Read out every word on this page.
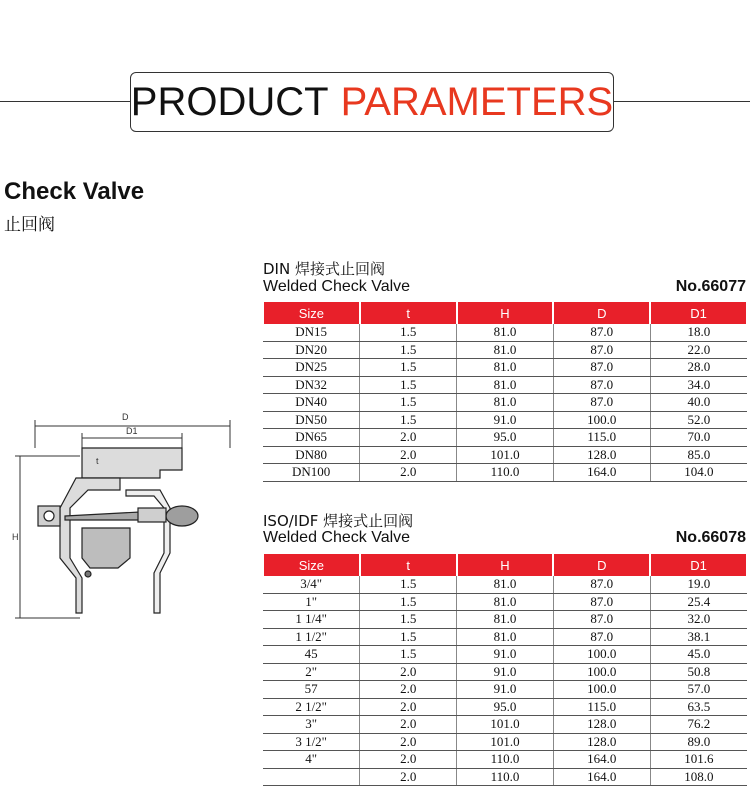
PRODUCT PARAMETERS
Check Valve
止回阀
D
D1
t
H
DIN 焊接式止回阀
Welded Check Valve	No.66077
Size	t	H	D	D1
DN15	1.5	81.0	87.0	18.0
DN20	1.5	81.0	87.0	22.0
DN25	1.5	81.0	87.0	28.0
DN32	1.5	81.0	87.0	34.0
DN40	1.5	81.0	87.0	40.0
DN50	1.5	91.0	100.0	52.0
DN65	2.0	95.0	115.0	70.0
DN80	2.0	101.0	128.0	85.0
DN100	2.0	110.0	164.0	104.0
ISO/IDF 焊接式止回阀
Welded Check Valve	No.66078
Size	t	H	D	D1
3/4"	1.5	81.0	87.0	19.0
1"	1.5	81.0	87.0	25.4
1 1/4"	1.5	81.0	87.0	32.0
1 1/2"	1.5	81.0	87.0	38.1
45	1.5	91.0	100.0	45.0
2"	2.0	91.0	100.0	50.8
57	2.0	91.0	100.0	57.0
2 1/2"	2.0	95.0	115.0	63.5
3"	2.0	101.0	128.0	76.2
3 1/2"	2.0	101.0	128.0	89.0
4"	2.0	110.0	164.0	101.6
	2.0	110.0	164.0	108.0
